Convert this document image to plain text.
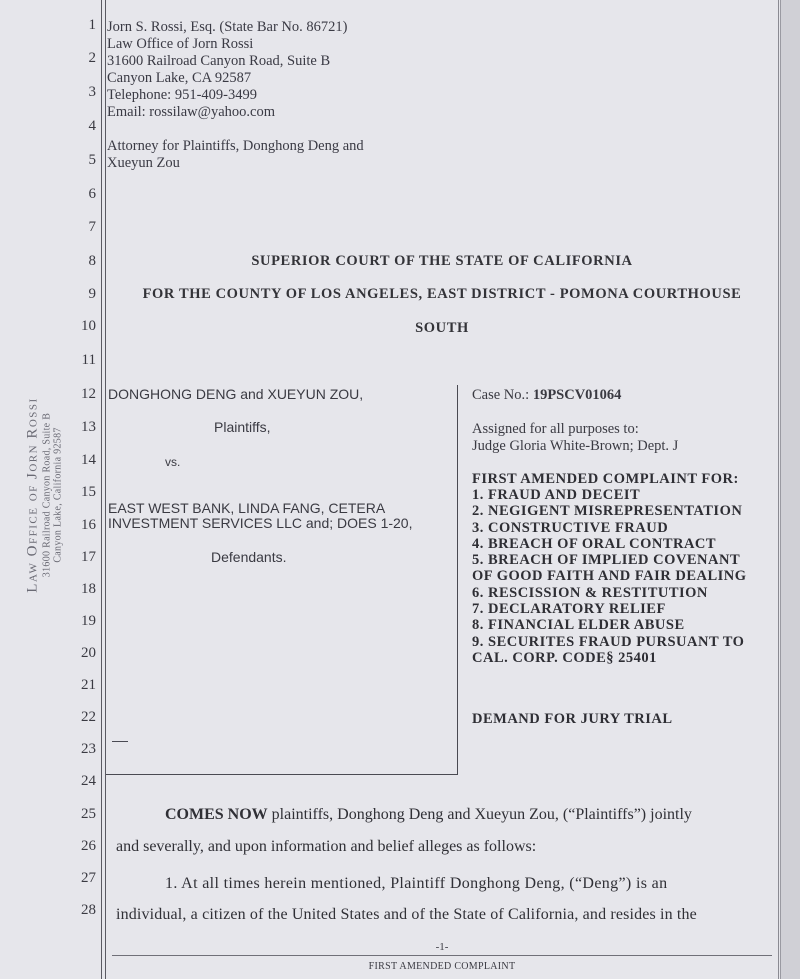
1
2
3
4
5
6
7
8
9
10
11
12
13
14
15
16
17
18
19
20
21
22
23
24
25
26
27
28
Law Office of Jorn Rossi 31600 Railroad Canyon Road, Suite B Canyon Lake, California 92587
Jorn S. Rossi, Esq. (State Bar No. 86721)
Law Office of Jorn Rossi
31600 Railroad Canyon Road, Suite B
Canyon Lake, CA 92587
Telephone: 951-409-3499
Email: rossilaw@yahoo.com
Attorney for Plaintiffs, Donghong Deng and
Xueyun Zou
SUPERIOR COURT OF THE STATE OF CALIFORNIA
FOR THE COUNTY OF LOS ANGELES, EAST DISTRICT - POMONA COURTHOUSE
SOUTH
DONGHONG DENG and XUEYUN ZOU,
Plaintiffs,
vs.
EAST WEST BANK, LINDA FANG, CETERA
INVESTMENT SERVICES LLC and; DOES 1-20,
Defendants.
Case No.: 19PSCV01064
Assigned for all purposes to:
Judge Gloria White-Brown; Dept. J
FIRST AMENDED COMPLAINT FOR:
1. FRAUD AND DECEIT
2. NEGIGENT MISREPRESENTATION
3. CONSTRUCTIVE FRAUD
4. BREACH OF ORAL CONTRACT
5. BREACH OF IMPLIED COVENANT
OF GOOD FAITH AND FAIR DEALING
6. RESCISSION & RESTITUTION
7. DECLARATORY RELIEF
8. FINANCIAL ELDER ABUSE
9. SECURITES FRAUD PURSUANT TO
CAL. CORP. CODE§ 25401
DEMAND FOR JURY TRIAL
COMES NOW plaintiffs, Donghong Deng and Xueyun Zou, (“Plaintiffs”) jointly
and severally, and upon information and belief alleges as follows:
1. At all times herein mentioned, Plaintiff Donghong Deng, (“Deng”) is an
individual, a citizen of the United States and of the State of California, and resides in the
-1-
FIRST AMENDED COMPLAINT
